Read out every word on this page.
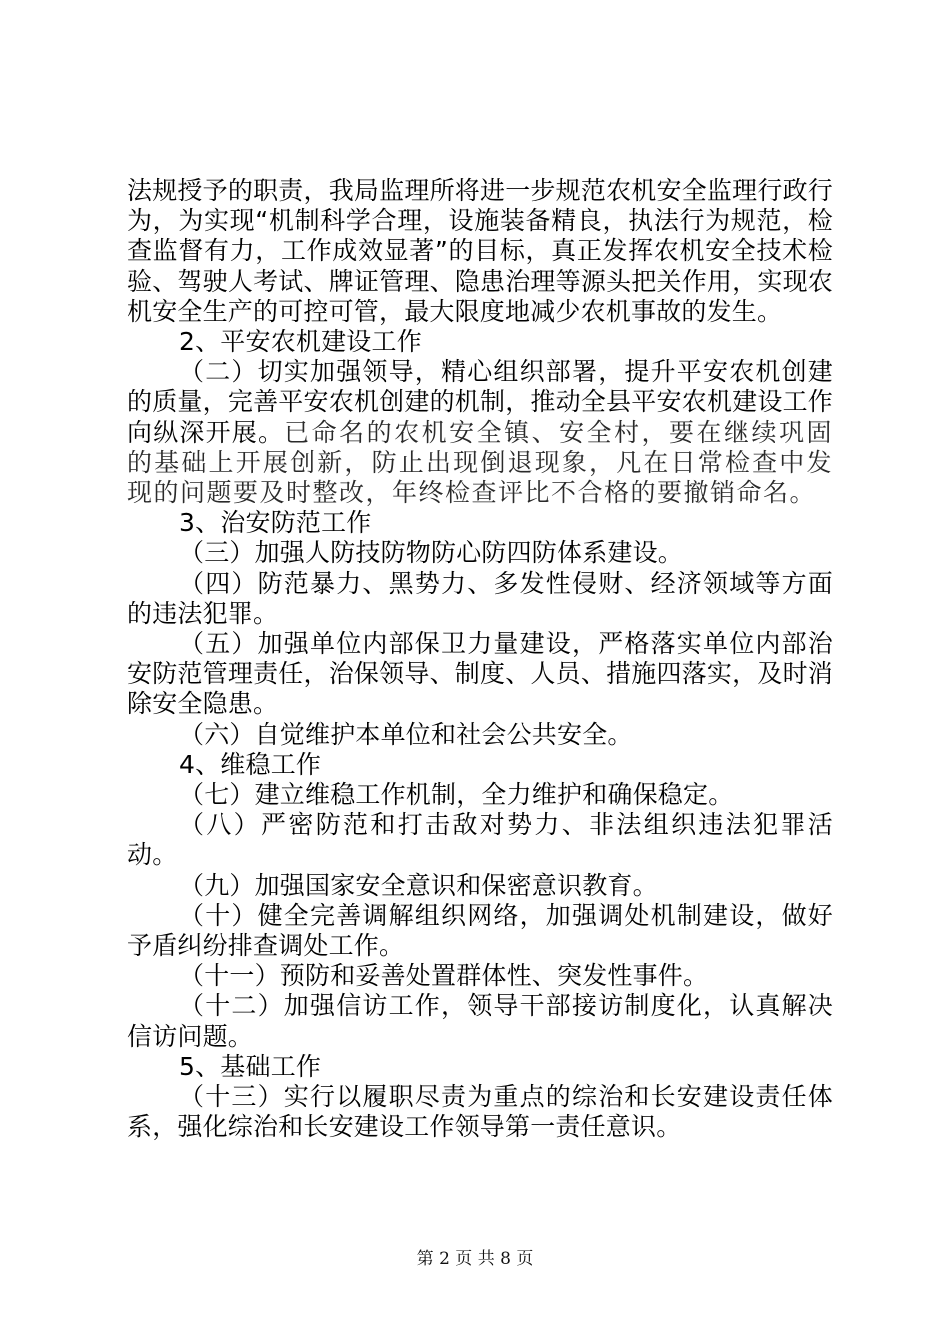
法规授予的职责，我局监理所将进一步规范农机安全监理行政行为，为实现“机制科学合理，设施装备精良，执法行为规范，检查监督有力，工作成效显著”的目标，真正发挥农机安全技术检验、驾驶人考试、牌证管理、隐患治理等源头把关作用，实现农机安全生产的可控可管，最大限度地减少农机事故的发生。

2、平安农机建设工作

（二）切实加强领导，精心组织部署，提升平安农机创建的质量，完善平安农机创建的机制，推动全县平安农机建设工作向纵深开展。已命名的农机安全镇、安全村，要在继续巩固的基础上开展创新，防止出现倒退现象，凡在日常检查中发现的问题要及时整改，年终检查评比不合格的要撤销命名。

3、治安防范工作

（三）加强人防技防物防心防四防体系建设。

（四）防范暴力、黑势力、多发性侵财、经济领域等方面的违法犯罪。

（五）加强单位内部保卫力量建设，严格落实单位内部治安防范管理责任，治保领导、制度、人员、措施四落实，及时消除安全隐患。

（六）自觉维护本单位和社会公共安全。

4、维稳工作

（七）建立维稳工作机制，全力维护和确保稳定。

（八）严密防范和打击敌对势力、非法组织违法犯罪活动。

（九）加强国家安全意识和保密意识教育。

（十）健全完善调解组织网络，加强调处机制建设，做好予盾纠纷排查调处工作。

（十一）预防和妥善处置群体性、突发性事件。

（十二）加强信访工作，领导干部接访制度化，认真解决信访问题。

5、基础工作

（十三）实行以履职尽责为重点的综治和长安建设责任体系，强化综治和长安建设工作领导第一责任意识。

第 2 页 共 8 页
